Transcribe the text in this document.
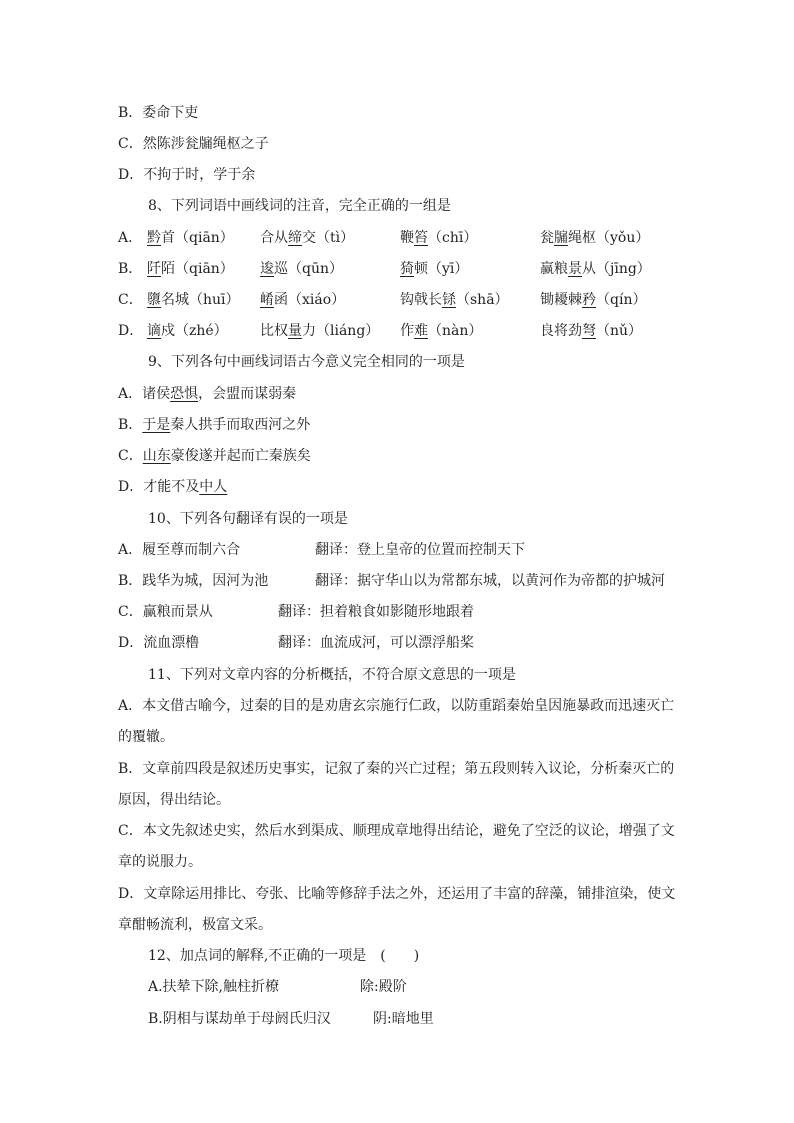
B．委命下吏
C．然陈涉瓮牖绳枢之子
D．不拘于时，学于余
8、下列词语中画线词的注音，完全正确的一组是
A． 黔首（qiān） 合从缔交（tì）	鞭笞（chī）	瓮牖绳枢（yǒu）
B． 阡陌（qiān） 逡巡（qūn）	猗顿（yī）	赢粮景从（jīng）
C． 隳名城（huī） 崤函（xiáo）	钩戟长铩（shā） 锄耰棘矜（qín）
D． 谪戍（zhé） 比权量力（liáng） 作难（nàn）	良将劲弩（nǔ）
9、下列各句中画线词语古今意义完全相同的一项是
A．诸侯恐惧，会盟而谋弱秦
B．于是秦人拱手而取西河之外
C．山东豪俊遂并起而亡秦族矣
D．才能不及中人
10、下列各句翻译有误的一项是
A．履至尊而制六合	翻译：登上皇帝的位置而控制天下
B．践华为城，因河为池	翻译：据守华山以为常都东城，以黄河作为帝都的护城河
C．赢粮而景从	翻译：担着粮食如影随形地跟着
D．流血漂橹	翻译：血流成河，可以漂浮船桨
11、下列对文章内容的分析概括，不符合原文意思的一项是
A．本文借古喻今，过秦的目的是劝唐玄宗施行仁政，以防重蹈秦始皇因施暴政而迅速灭亡
的覆辙。
B．文章前四段是叙述历史事实，记叙了秦的兴亡过程；第五段则转入议论，分析秦灭亡的
原因，得出结论。
C．本文先叙述史实，然后水到渠成、顺理成章地得出结论，避免了空泛的议论，增强了文
章的说服力。
D．文章除运用排比、夸张、比喻等修辞手法之外，还运用了丰富的辞藻，铺排渲染，使文
章酣畅流利，极富文采。
12、加点词的解释,不正确的一项是　(　　)
A.扶辇下除,触柱折橑	除:殿阶
B.阴相与谋劫单于母阏氏归汉	阴:暗地里
